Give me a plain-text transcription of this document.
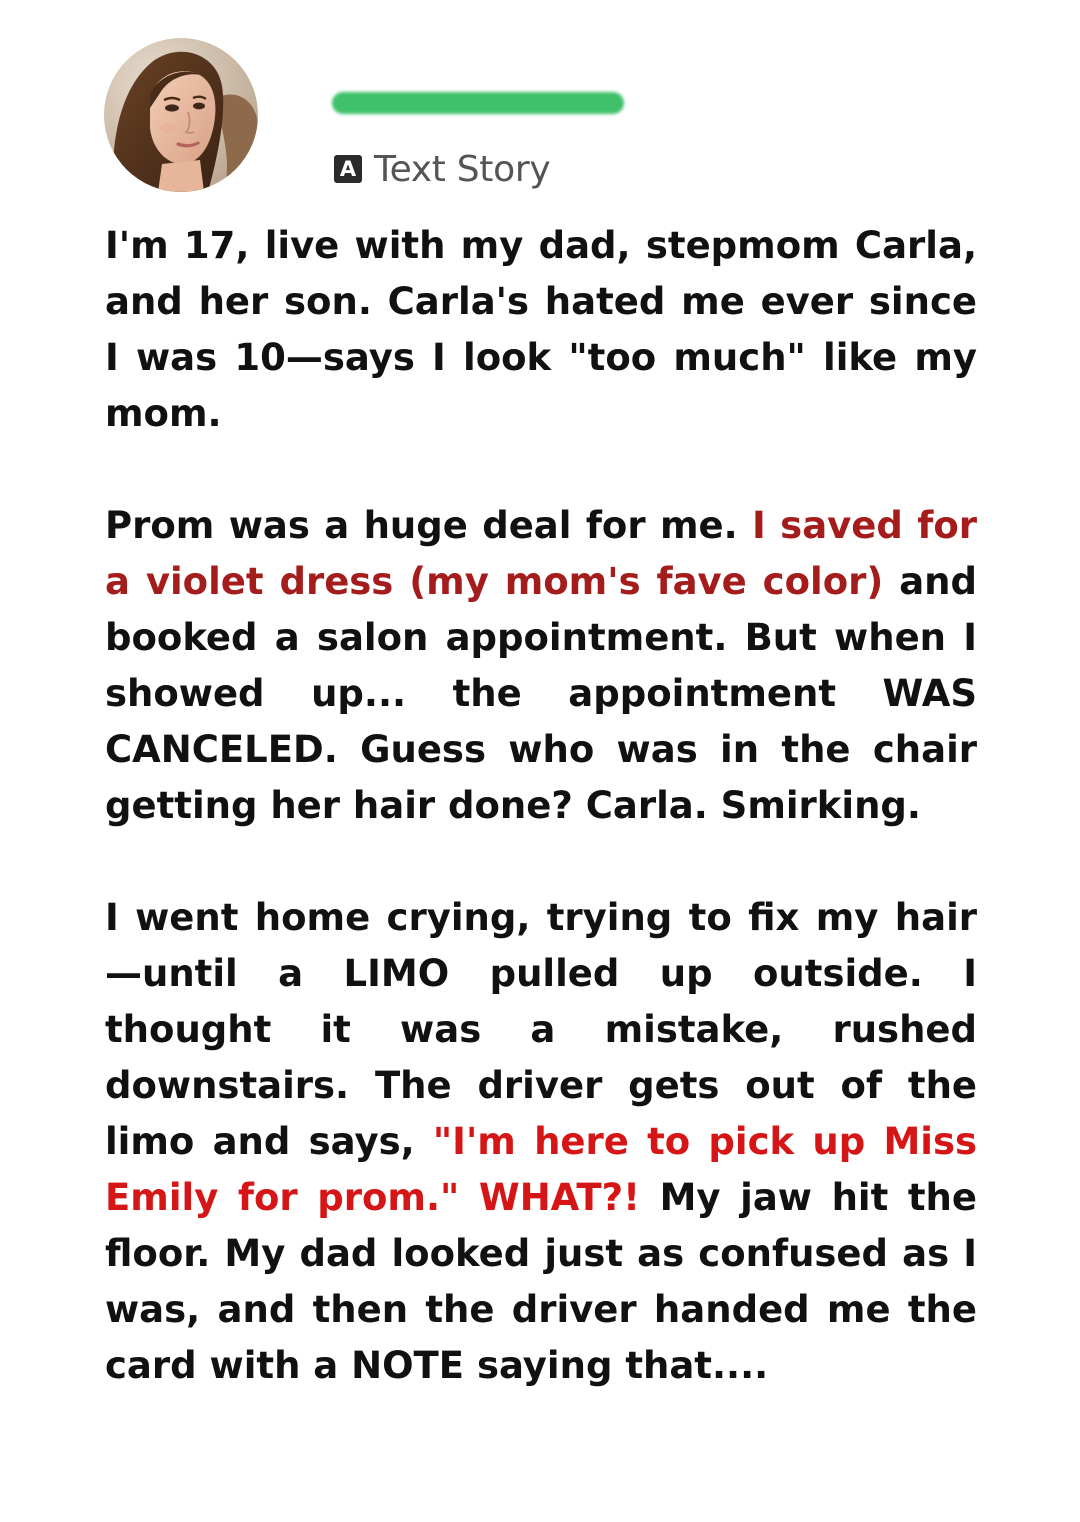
A Text Story

I'm 17, live with my dad, stepmom Carla, and her son. Carla's hated me ever since I was 10—says I look "too much" like my mom.

Prom was a huge deal for me. I saved for a violet dress (my mom's fave color) and booked a salon appointment. But when I showed up... the appointment WAS CANCELED. Guess who was in the chair getting her hair done? Carla. Smirking.

I went home crying, trying to fix my hair—until a LIMO pulled up outside. I thought it was a mistake, rushed downstairs. The driver gets out of the limo and says, "I'm here to pick up Miss Emily for prom." WHAT?! My jaw hit the floor. My dad looked just as confused as I was, and then the driver handed me the card with a NOTE saying that....
